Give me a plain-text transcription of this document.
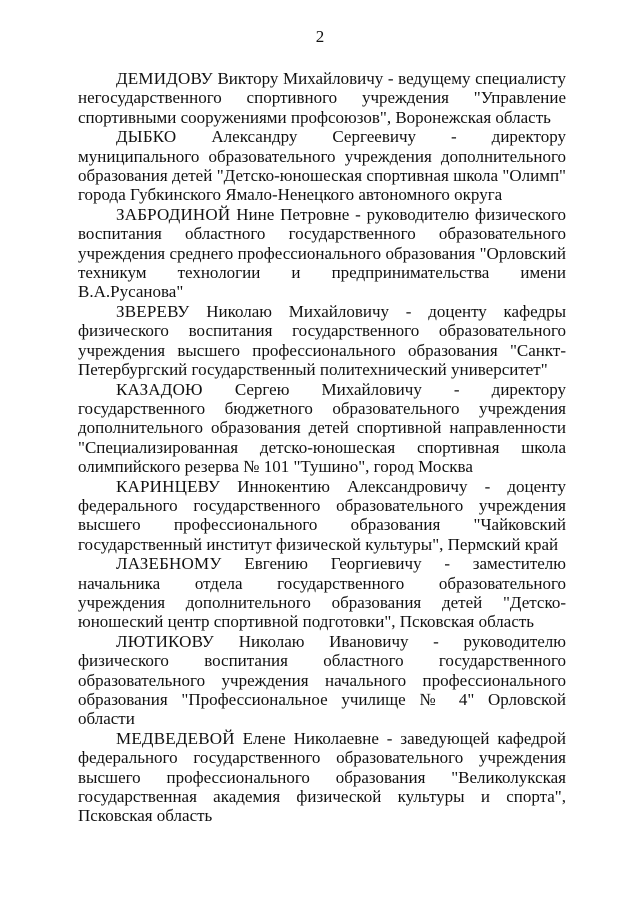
2

ДЕМИДОВУ Виктору Михайловичу - ведущему специалисту негосударственного спортивного учреждения "Управление спортивными сооружениями профсоюзов", Воронежская область

ДЫБКО Александру Сергеевичу - директору муниципального образовательного учреждения дополнительного образования детей "Детско-юношеская спортивная школа "Олимп" города Губкинского Ямало-Ненецкого автономного округа

ЗАБРОДИНОЙ Нине Петровне - руководителю физического воспитания областного государственного образовательного учреждения среднего профессионального образования "Орловский техникум технологии и предпринимательства имени В.А.Русанова"

ЗВЕРЕВУ Николаю Михайловичу - доценту кафедры физического воспитания государственного образовательного учреждения высшего профессионального образования "Санкт-Петербургский государственный политехнический университет"

КАЗАДОЮ Сергею Михайловичу - директору государственного бюджетного образовательного учреждения дополнительного образования детей спортивной направленности "Специализированная детско-юношеская спортивная школа олимпийского резерва № 101 "Тушино", город Москва

КАРИНЦЕВУ Иннокентию Александровичу - доценту федерального государственного образовательного учреждения высшего профессионального образования "Чайковский государственный институт физической культуры", Пермский край

ЛАЗЕБНОМУ Евгению Георгиевичу - заместителю начальника отдела государственного образовательного учреждения дополнительного образования детей "Детско-юношеский центр спортивной подготовки", Псковская область

ЛЮТИКОВУ Николаю Ивановичу - руководителю физического воспитания областного государственного образовательного учреждения начального профессионального образования "Профессиональное училище № 4" Орловской области

МЕДВЕДЕВОЙ Елене Николаевне - заведующей кафедрой федерального государственного образовательного учреждения высшего профессионального образования "Великолукская государственная академия физической культуры и спорта", Псковская область
